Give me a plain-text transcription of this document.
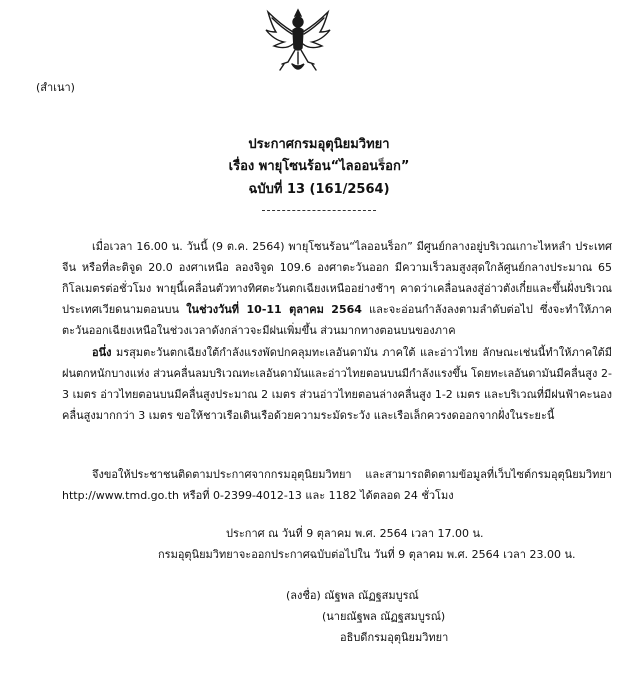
(สำเนา)
ประกาศกรมอุตุนิยมวิทยา
เรื่อง พายุโซนร้อน“ไลออนร็อก”
ฉบับที่ 13 (161/2564)

เมื่อเวลา 16.00 น. วันนี้ (9 ต.ค. 2564) พายุโซนร้อน“ไลออนร็อก” มีศูนย์กลางอยู่บริเวณเกาะไหหลำ ประเทศจีน หรือที่ละติจูด 20.0 องศาเหนือ ลองจิจูด 109.6 องศาตะวันออก มีความเร็วลมสูงสุดใกล้ศูนย์กลางประมาณ 65 กิโลเมตรต่อชั่วโมง พายุนี้เคลื่อนตัวทางทิศตะวันตกเฉียงเหนืออย่างช้าๆ คาดว่าเคลื่อนลงสู่อ่าวตังเกี๋ยและขึ้นฝั่งบริเวณประเทศเวียดนามตอนบน ในช่วงวันที่ 10-11 ตุลาคม 2564 และจะอ่อนกำลังลงตามลำดับต่อไป ซึ่งจะทำให้ภาคตะวันออกเฉียงเหนือในช่วงเวลาดังกล่าวจะมีฝนเพิ่มขึ้น ส่วนมากทางตอนบนของภาค

อนึ่ง มรสุมตะวันตกเฉียงใต้กำลังแรงพัดปกคลุมทะเลอันดามัน ภาคใต้ และอ่าวไทย ลักษณะเช่นนี้ทำให้ภาคใต้มีฝนตกหนักบางแห่ง ส่วนคลื่นลมบริเวณทะเลอันดามันและอ่าวไทยตอนบนมีกำลังแรงขึ้น โดยทะเลอันดามันมีคลื่นสูง 2-3 เมตร อ่าวไทยตอนบนมีคลื่นสูงประมาณ 2 เมตร ส่วนอ่าวไทยตอนล่างคลื่นสูง 1-2 เมตร และบริเวณที่มีฝนฟ้าคะนองคลื่นสูงมากกว่า 3 เมตร ขอให้ชาวเรือเดินเรือด้วยความระมัดระวัง และเรือเล็กควรงดออกจากฝั่งในระยะนี้

จึงขอให้ประชาชนติดตามประกาศจากกรมอุตุนิยมวิทยา และสามารถติดตามข้อมูลที่เว็บไซต์กรมอุตุนิยมวิทยา http://www.tmd.go.th หรือที่ 0-2399-4012-13 และ 1182 ได้ตลอด 24 ชั่วโมง

ประกาศ ณ วันที่ 9 ตุลาคม พ.ศ. 2564 เวลา 17.00 น.
กรมอุตุนิยมวิทยาจะออกประกาศฉบับต่อไปใน วันที่ 9 ตุลาคม พ.ศ. 2564 เวลา 23.00 น.
(ลงชื่อ) ณัฐพล ณัฏฐสมบูรณ์
(นายณัฐพล ณัฏฐสมบูรณ์)
อธิบดีกรมอุตุนิยมวิทยา
